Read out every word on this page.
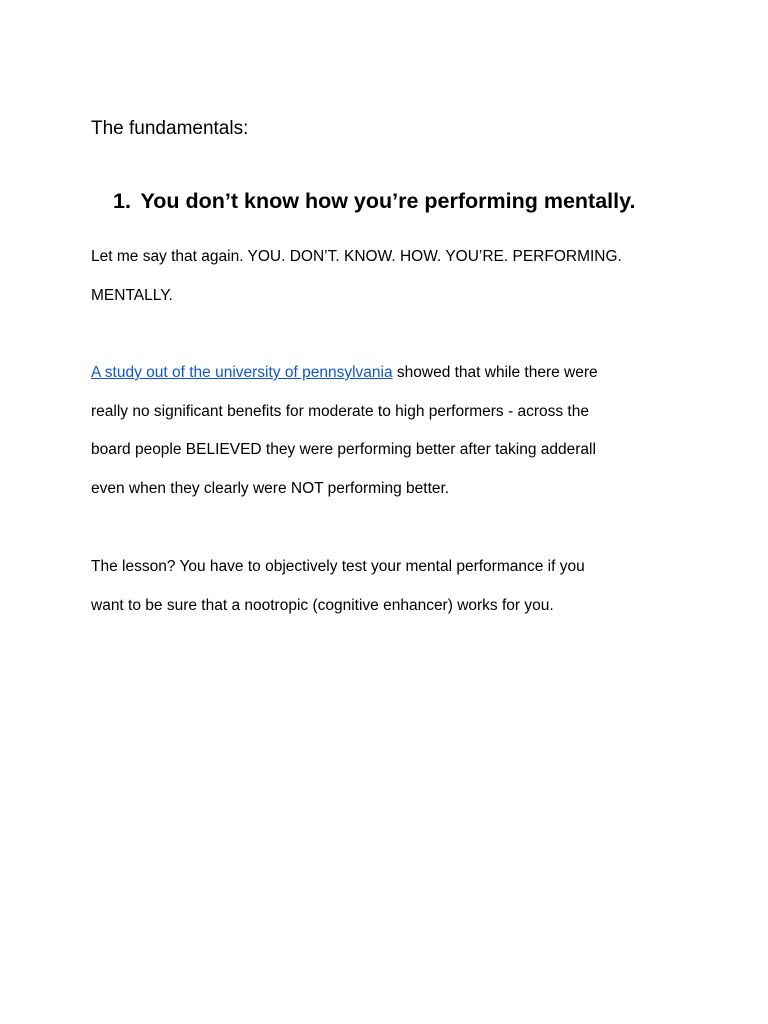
The fundamentals:

1. You don’t know how you’re performing mentally.

Let me say that again. YOU. DON’T. KNOW. HOW. YOU’RE. PERFORMING.
MENTALLY.

A study out of the university of pennsylvania showed that while there were
really no significant benefits for moderate to high performers - across the
board people BELIEVED they were performing better after taking adderall
even when they clearly were NOT performing better.

The lesson? You have to objectively test your mental performance if you
want to be sure that a nootropic (cognitive enhancer) works for you.
